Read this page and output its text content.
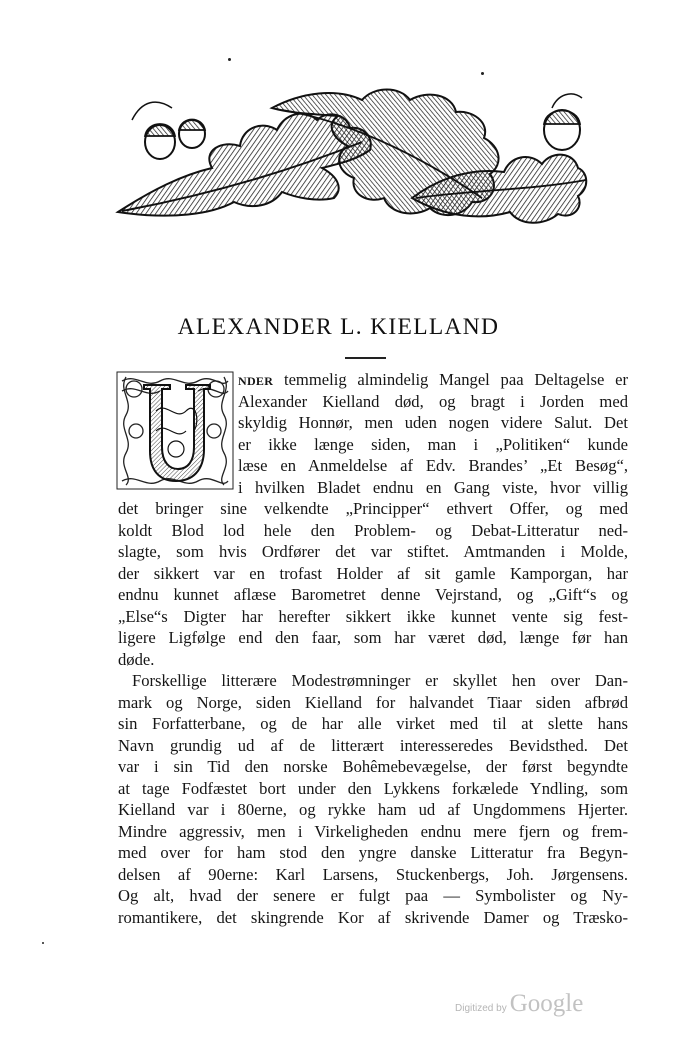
ALEXANDER L. KIELLAND
nder temmelig almindelig Mangel paa Deltagelse er
Alexander Kielland død, og bragt i Jorden med
skyldig Honnør, men uden nogen videre Salut. Det
er ikke længe siden, man i „Politiken“ kunde
læse en Anmeldelse af Edv. Brandes’ „Et Besøg“,
i hvilken Bladet endnu en Gang viste, hvor villig
det bringer sine velkendte „Principper“ ethvert Offer, og med
koldt Blod lod hele den Problem- og Debat-Litteratur ned-
slagte, som hvis Ordfører det var stiftet. Amtmanden i Molde,
der sikkert var en trofast Holder af sit gamle Kamporgan, har
endnu kunnet aflæse Barometret denne Vejrstand, og „Gift“s og
„Else“s Digter har herefter sikkert ikke kunnet vente sig fest-
ligere Ligfølge end den faar, som har været død, længe før han
døde.
Forskellige litterære Modestrømninger er skyllet hen over Dan-
mark og Norge, siden Kielland for halvandet Tiaar siden afbrød
sin Forfatterbane, og de har alle virket med til at slette hans
Navn grundig ud af de litterært interesseredes Bevidsthed. Det
var i sin Tid den norske Bohêmebevægelse, der først begyndte
at tage Fodfæstet bort under den Lykkens forkælede Yndling, som
Kielland var i 80erne, og rykke ham ud af Ungdommens Hjerter.
Mindre aggressiv, men i Virkeligheden endnu mere fjern og frem-
med over for ham stod den yngre danske Litteratur fra Begyn-
delsen af 90erne: Karl Larsens, Stuckenbergs, Joh. Jørgensens.
Og alt, hvad der senere er fulgt paa — Symbolister og Ny-
romantikere, det skingrende Kor af skrivende Damer og Træsko-
Digitized by Google
